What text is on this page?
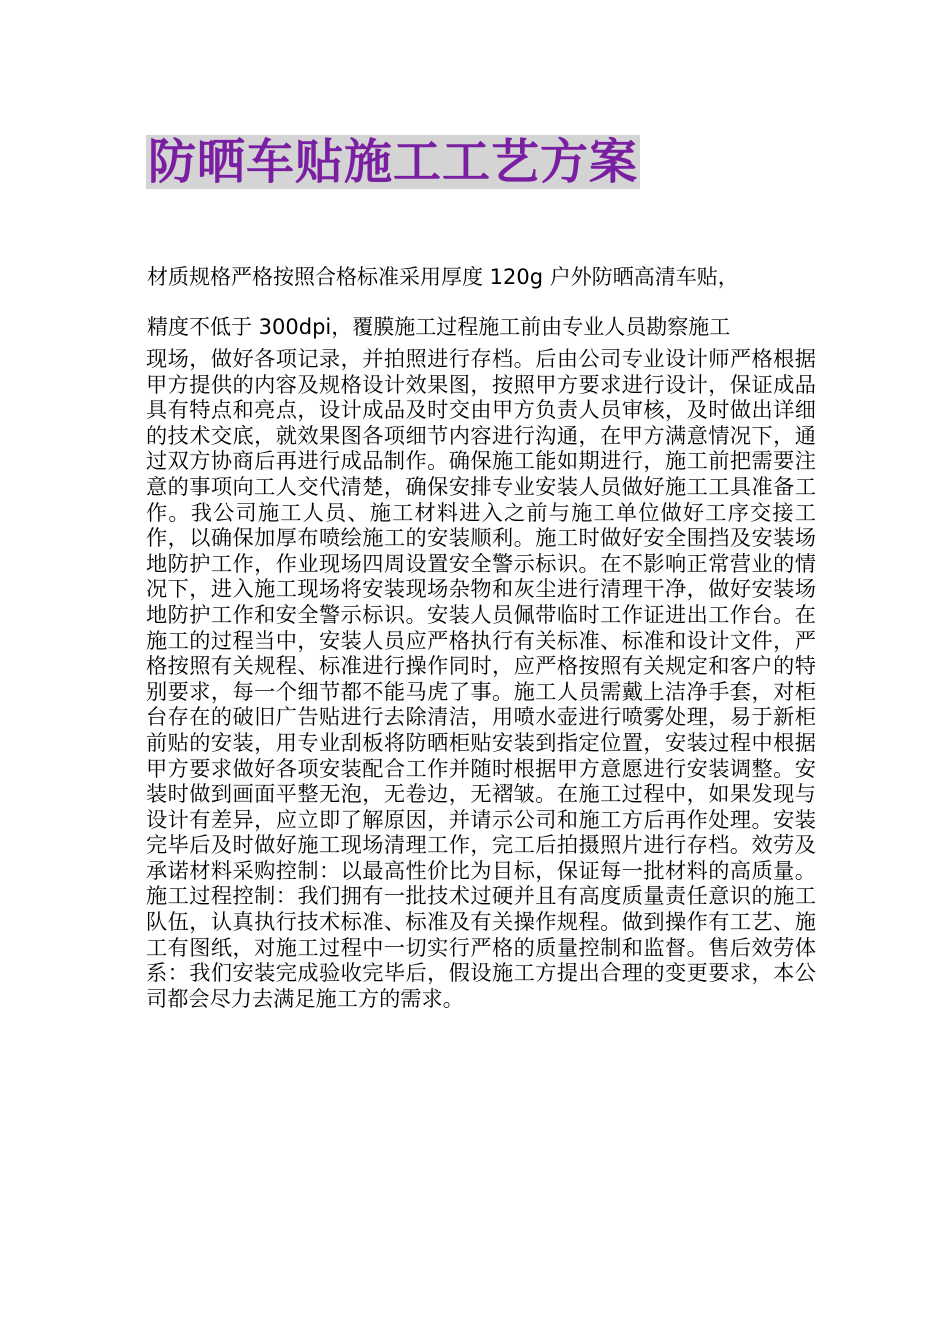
防晒车贴施工工艺方案

材质规格严格按照合格标准采用厚度 120g 户外防晒高清车贴，

精度不低于 300dpi，覆膜施工过程施工前由专业人员勘察施工

现场，做好各项记录，并拍照进行存档。后由公司专业设计师严格根据甲方提供的内容及规格设计效果图，按照甲方要求进行设计，保证成品具有特点和亮点，设计成品及时交由甲方负责人员审核，及时做出详细的技术交底，就效果图各项细节内容进行沟通，在甲方满意情况下，通过双方协商后再进行成品制作。确保施工能如期进行，施工前把需要注意的事项向工人交代清楚，确保安排专业安装人员做好施工工具准备工作。我公司施工人员、施工材料进入之前与施工单位做好工序交接工作，以确保加厚布喷绘施工的安装顺利。施工时做好安全围挡及安装场地防护工作，作业现场四周设置安全警示标识。在不影响正常营业的情况下，进入施工现场将安装现场杂物和灰尘进行清理干净，做好安装场地防护工作和安全警示标识。安装人员佩带临时工作证进出工作台。在施工的过程当中，安装人员应严格执行有关标准、标准和设计文件，严格按照有关规程、标准进行操作同时，应严格按照有关规定和客户的特别要求，每一个细节都不能马虎了事。施工人员需戴上洁净手套，对柜台存在的破旧广告贴进行去除清洁，用喷水壶进行喷雾处理，易于新柜前贴的安装，用专业刮板将防晒柜贴安装到指定位置，安装过程中根据甲方要求做好各项安装配合工作并随时根据甲方意愿进行安装调整。安装时做到画面平整无泡，无卷边，无褶皱。在施工过程中，如果发现与设计有差异，应立即了解原因，并请示公司和施工方后再作处理。安装完毕后及时做好施工现场清理工作，完工后拍摄照片进行存档。效劳及承诺材料采购控制：以最高性价比为目标，保证每一批材料的高质量。施工过程控制：我们拥有一批技术过硬并且有高度质量责任意识的施工队伍，认真执行技术标准、标准及有关操作规程。做到操作有工艺、施工有图纸，对施工过程中一切实行严格的质量控制和监督。售后效劳体系：我们安装完成验收完毕后，假设施工方提出合理的变更要求，本公司都会尽力去满足施工方的需求。
